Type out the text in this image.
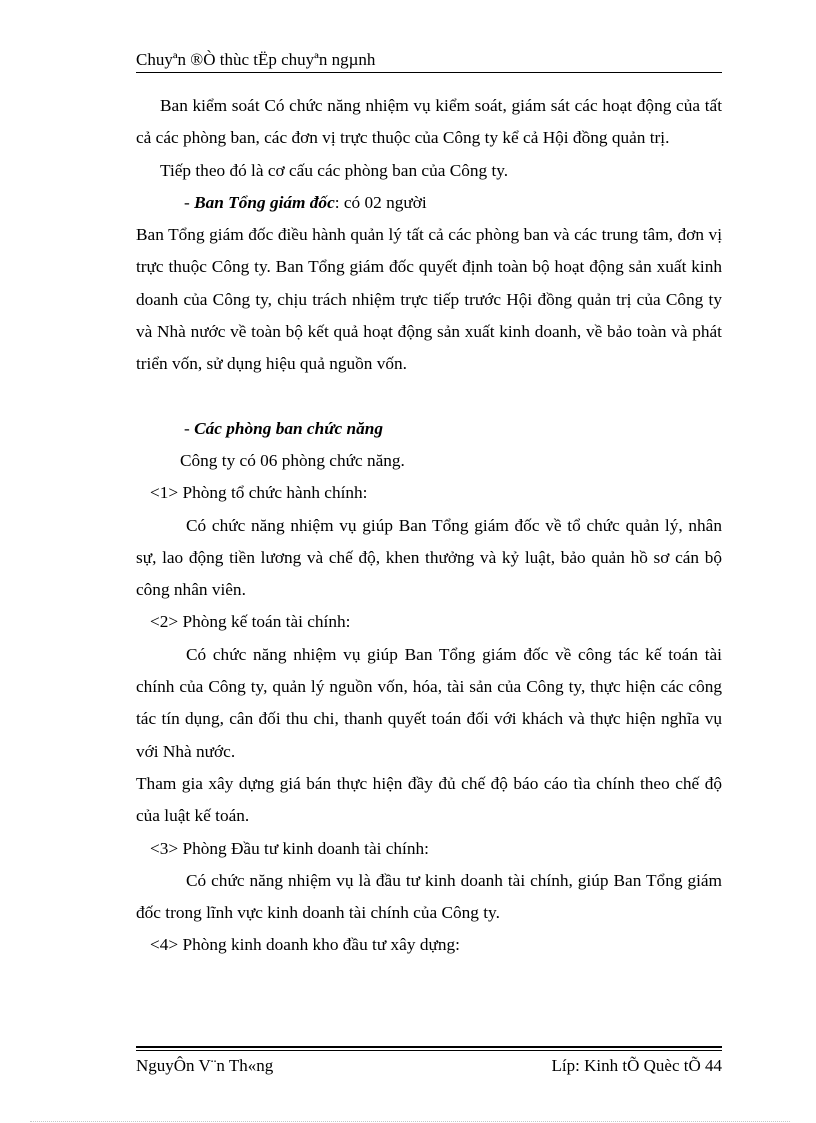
Chuyªn ®Ò thùc tËp chuyªn ngµnh

Ban kiểm soát Có chức năng nhiệm vụ kiểm soát, giám sát các hoạt động của tất cả các phòng ban, các đơn vị trực thuộc của Công ty kể cả Hội đồng quản trị.

Tiếp theo đó là cơ cấu các phòng ban của Công ty.

- Ban Tổng giám đốc: có 02 người

Ban Tổng giám đốc điều hành quản lý tất cả các phòng ban và các trung tâm, đơn vị trực thuộc Công ty. Ban Tổng giám đốc quyết định toàn bộ hoạt động sản xuất kinh doanh của Công ty, chịu trách nhiệm trực tiếp trước Hội đồng quản trị của Công ty và Nhà nước về toàn bộ kết quả hoạt động sản xuất kinh doanh, về bảo toàn và phát triển vốn, sử dụng hiệu quả nguồn vốn.

- Các phòng ban chức năng

Công ty có 06 phòng chức năng.

<1> Phòng tổ chức hành chính:

Có chức năng nhiệm vụ giúp Ban Tổng giám đốc về tổ chức quản lý, nhân sự, lao động tiền lương và chế độ, khen thưởng và kỷ luật, bảo quản hồ sơ cán bộ công nhân viên.

<2> Phòng kế toán tài chính:

Có chức năng nhiệm vụ giúp Ban Tổng giám đốc về công tác kế toán tài chính của Công ty, quản lý nguồn vốn, hóa, tài sản của Công ty, thực hiện các công tác tín dụng, cân đối thu chi, thanh quyết toán đối với khách và thực hiện nghĩa vụ với Nhà nước.

Tham gia xây dựng giá bán thực hiện đầy đủ chế độ báo cáo tìa chính theo chế độ của luật kế toán.

<3> Phòng Đầu tư kinh doanh tài chính:

Có chức năng nhiệm vụ là đầu tư kinh doanh tài chính, giúp Ban Tổng giám đốc trong lĩnh vực kinh doanh tài chính của Công ty.

<4> Phòng kinh doanh kho đầu tư xây dựng:

NguyÔn V¨n Th«ng	Líp: Kinh tÕ Quèc tÕ 44
